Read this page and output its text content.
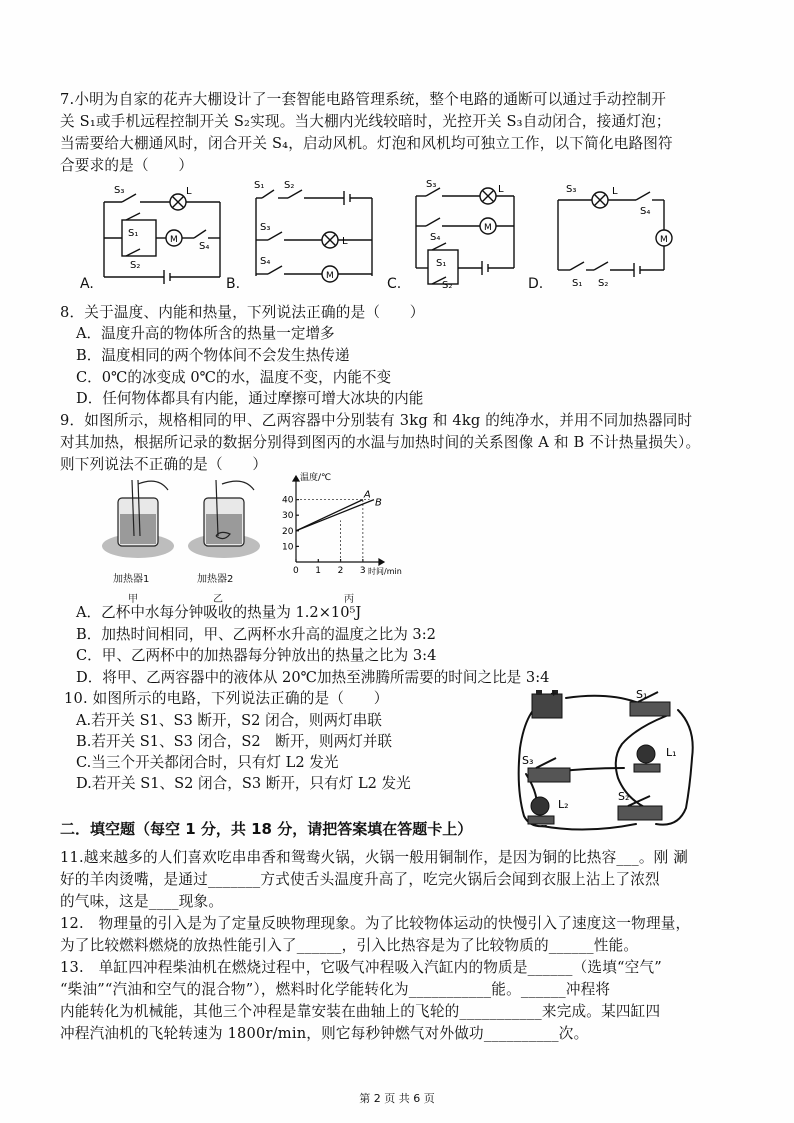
7.小明为自家的花卉大棚设计了一套智能电路管理系统，整个电路的通断可以通过手动控制开
关 S₁或手机远程控制开关 S₂实现。当大棚内光线较暗时，光控开关 S₃自动闭合，接通灯泡；
当需要给大棚通风时，闭合开关 S₄，启动风机。灯泡和风机均可独立工作，以下简化电路图符
合要求的是（　　）
S₃	L
S₁
M
S₂
S₄
A.
S₁ S₂
S₃
L
S₄
M
B.
S₃	L
M
S₄
S₁
S₂
C.
S₃	L
S₄
M
S₁ S₂
D.
8．关于温度、内能和热量，下列说法正确的是（　　）
A．温度升高的物体所含的热量一定增多
B．温度相同的两个物体间不会发生热传递
C．0℃的冰变成 0℃的水，温度不变，内能不变
D．任何物体都具有内能，通过摩擦可增大冰块的内能
9．如图所示，规格相同的甲、乙两容器中分别装有 3kg 和 4kg 的纯净水，并用不同加热器同时
对其加热，根据所记录的数据分别得到图丙的水温与加热时间的关系图像 A 和 B 不计热量损失）。
则下列说法不正确的是（　　）
加热器1	加热器2
甲	乙
0 1 2 3
10
20
30
40
温度/℃
时间/min
A
B
丙
A．乙杯中水每分钟吸收的热量为 1.2×10⁵J
B．加热时间相同，甲、乙两杯水升高的温度之比为 3:2
C．甲、乙两杯中的加热器每分钟放出的热量之比为 3:4
D．将甲、乙两容器中的液体从 20℃加热至沸腾所需要的时间之比是 3:4
10. 如图所示的电路，下列说法正确的是（　　）
A.若开关 S1、S3 断开，S2 闭合，则两灯串联
B.若开关 S1、S3 闭合，S2　断开，则两灯并联
C.当三个开关都闭合时，只有灯 L2 发光
D.若开关 S1、S2 闭合，S3 断开，只有灯 L2 发光
+	S₁
L₁
S₃
L₂
S₂
二．填空题（每空 1 分，共 18 分，请把答案填在答题卡上）
11.越来越多的人们喜欢吃串串香和鸳鸯火锅，火锅一般用铜制作，是因为铜的比热容___。刚 涮
好的羊肉烫嘴，是通过_______方式使舌头温度升高了，吃完火锅后会闻到衣服上沾上了浓烈
的气味，这是____现象。
12.　物理量的引入是为了定量反映物理现象。为了比较物体运动的快慢引入了速度这一物理量，
为了比较燃料燃烧的放热性能引入了______，引入比热容是为了比较物质的______性能。
13.　单缸四冲程柴油机在燃烧过程中，它吸气冲程吸入汽缸内的物质是______（选填“空气”
“柴油”“汽油和空气的混合物”），燃料时化学能转化为___________能。______冲程将
内能转化为机械能，其他三个冲程是靠安装在曲轴上的飞轮的___________来完成。某四缸四
冲程汽油机的飞轮转速为 1800r/min，则它每秒钟燃气对外做功__________次。
第 2 页 共 6 页
